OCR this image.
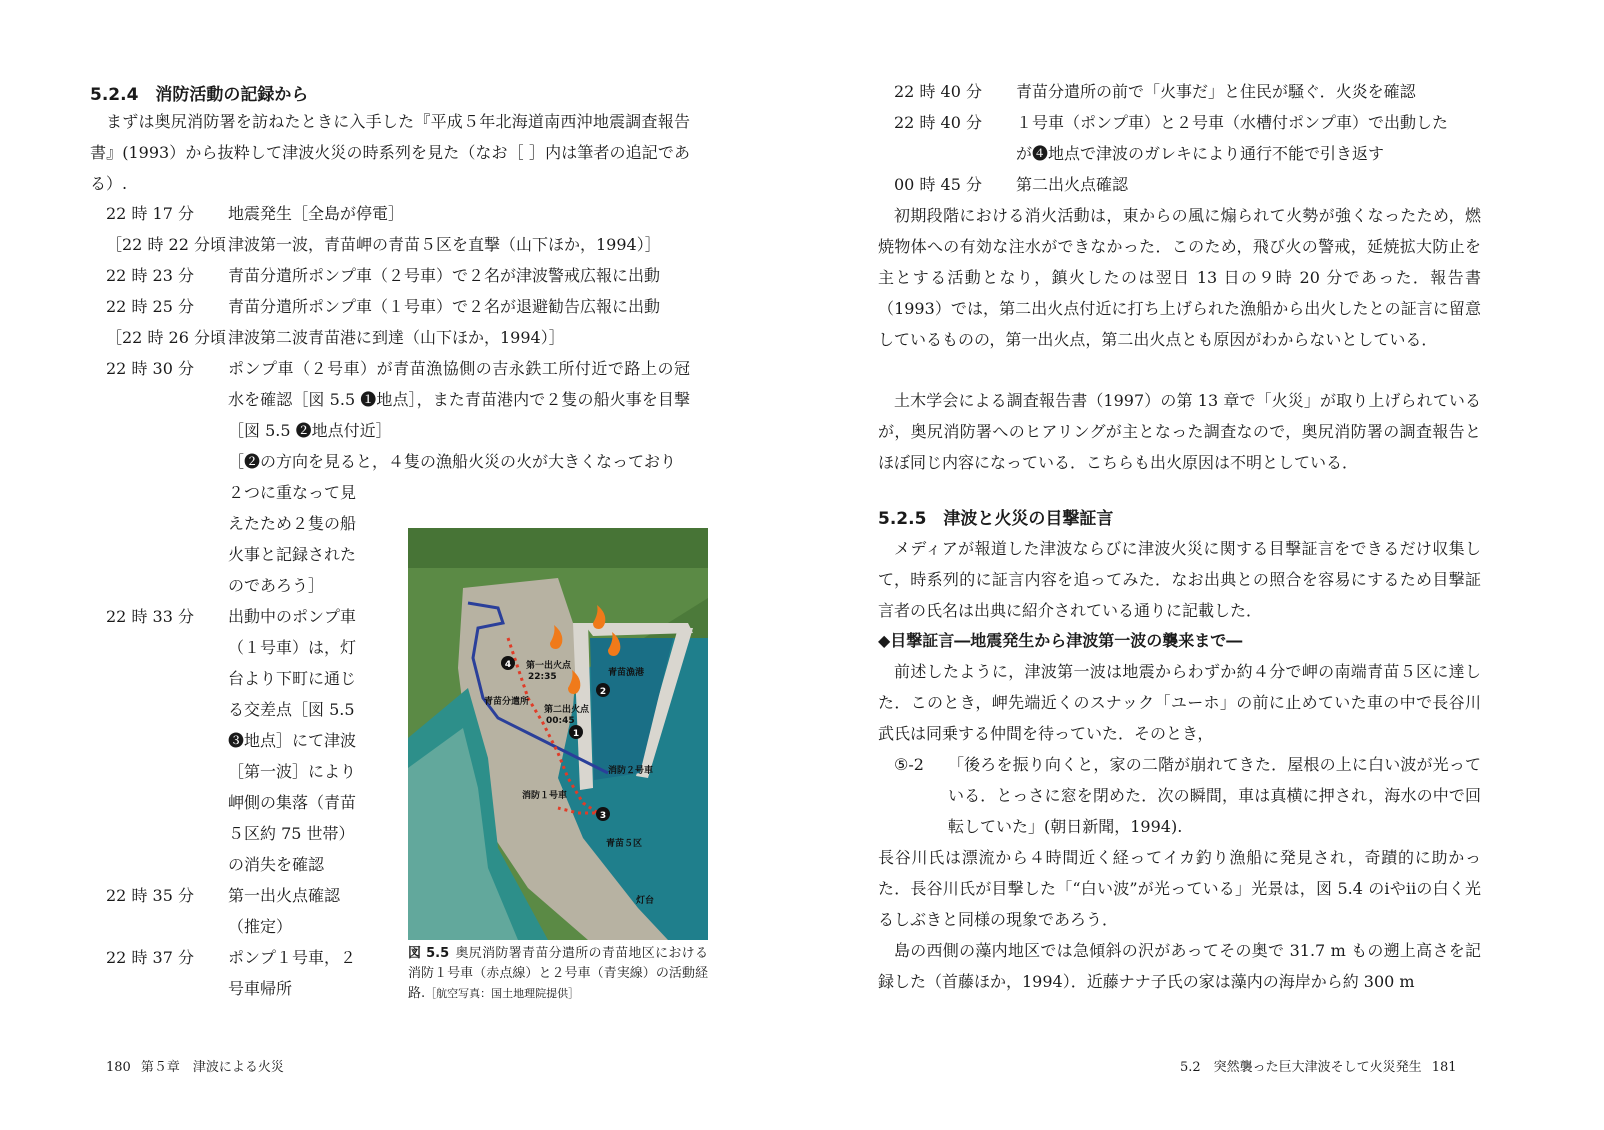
5.2.4　消防活動の記録から

まずは奥尻消防署を訪ねたときに入手した『平成５年北海道南西沖地震調査報告書』(1993）から抜粋して津波火災の時系列を見た（なお［ ］内は筆者の追記である）.

22 時 17 分	地震発生［全島が停電］
［22 時 22 分頃 津波第一波，青苗岬の青苗５区を直撃（山下ほか，1994）］
22 時 23 分	青苗分遣所ポンプ車（２号車）で２名が津波警戒広報に出動
22 時 25 分	青苗分遣所ポンプ車（１号車）で２名が退避勧告広報に出動
［22 時 26 分頃 津波第二波青苗港に到達（山下ほか，1994）］
22 時 30 分	ポンプ車（２号車）が青苗漁協側の吉永鉄工所付近で路上の冠水を確認［図 5.5 ❶地点］，また青苗港内で２隻の船火事を目撃［図 5.5 ❷地点付近］
［❷の方向を見ると，４隻の漁船火災の火が大きくなっており
２つに重なって見
えたため２隻の船
火事と記録された
のであろう］
22 時 33 分 出動中のポンプ車
（１号車）は，灯
台より下町に通じ
る交差点［図 5.5
❸地点］にて津波
［第一波］により
岬側の集落（青苗
５区約 75 世帯）
の消失を確認
22 時 35 分 第一出火点確認
（推定）
22 時 37 分 ポンプ１号車，２
号車帰所
4
2
1
3
第一出火点
22:35	青苗漁港
青苗分遣所
第二出火点
00:45
消防２号車
消防１号車
青苗５区
灯台
図 5.5 奥尻消防署青苗分遣所の青苗地区における消防１号車（赤点線）と２号車（青実線）の活動経路.［航空写真：国土地理院提供］
180 第５章　津波による火災
22 時 40 分	青苗分遣所の前で「火事だ」と住民が騒ぐ．火炎を確認
22 時 40 分 １号車（ポンプ車）と２号車（水槽付ポンプ車）で出動した
が❹地点で津波のガレキにより通行不能で引き返す
00 時 45 分	第二出火点確認

初期段階における消火活動は，東からの風に煽られて火勢が強くなったため，燃焼物体への有効な注水ができなかった．このため，飛び火の警戒，延焼拡大防止を主とする活動となり，鎮火したのは翌日 13 日の９時 20 分であった．報告書（1993）では，第二出火点付近に打ち上げられた漁船から出火したとの証言に留意しているものの，第一出火点，第二出火点とも原因がわからないとしている．

土木学会による調査報告書（1997）の第 13 章で「火災」が取り上げられているが，奥尻消防署へのヒアリングが主となった調査なので，奥尻消防署の調査報告とほぼ同じ内容になっている．こちらも出火原因は不明としている．

5.2.5　津波と火災の目撃証言

メディアが報道した津波ならびに津波火災に関する目撃証言をできるだけ収集して，時系列的に証言内容を追ってみた．なお出典との照合を容易にするため目撃証言者の氏名は出典に紹介されている通りに記載した．

◆目撃証言―地震発生から津波第一波の襲来まで―

前述したように，津波第一波は地震からわずか約４分で岬の南端青苗５区に達した．このとき，岬先端近くのスナック「ユーホ」の前に止めていた車の中で長谷川武氏は同乗する仲間を待っていた．そのとき，

⑤-2	「後ろを振り向くと，家の二階が崩れてきた．屋根の上に白い波が光っている．とっさに窓を閉めた．次の瞬間，車は真横に押され，海水の中で回転していた」(朝日新聞，1994).

長谷川氏は漂流から４時間近く経ってイカ釣り漁船に発見され，奇蹟的に助かった．長谷川氏が目撃した「“白い波”が光っている」光景は，図 5.4 のⅰやⅱの白く光るしぶきと同様の現象であろう．

島の西側の藻内地区では急傾斜の沢があってその奥で 31.7 m もの遡上高さを記録した（首藤ほか，1994）．近藤ナナ子氏の家は藻内の海岸から約 300 m

5.2　突然襲った巨大津波そして火災発生 181
